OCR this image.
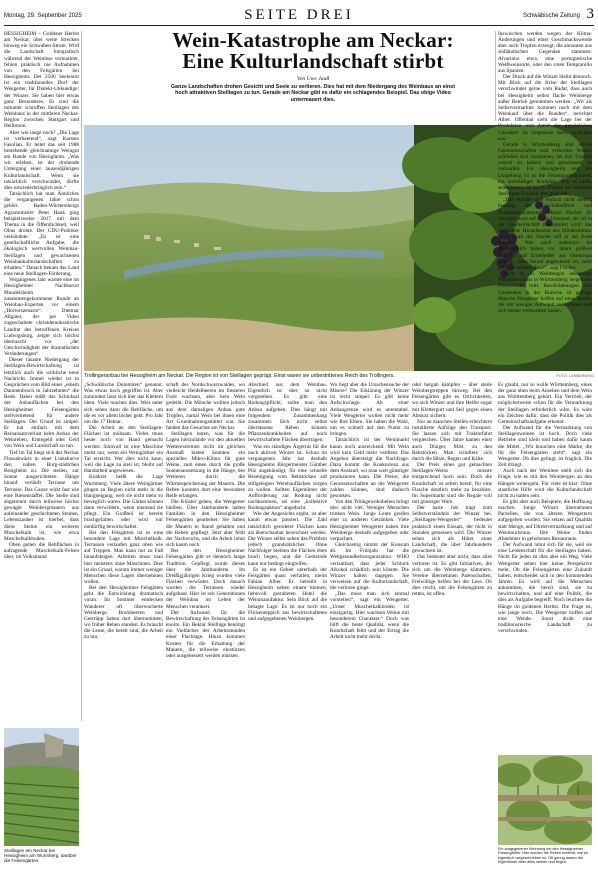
Montag, 29. September 2025	SEITE DREI	Schwäbische Zeitung 3
Wein-Katastrophe am Neckar: Eine Kulturlandschaft stirbt
Von Uwe Jauß
Ganze Landschaften drohen Gesicht und Seele zu verlieren. Dies hat mit dem Niedergang des Weinbaus an einst hoch attraktiven Steillagen zu tun. Gerade am Neckar gibt es dafür ein schlagendes Beispiel. Das obige Video untermauert dies.

HESSIGHEIM – Goldener Herbst am Neckar, über weite Strecken hinweg ein Schwaben-Strom. Wird die Landschaft fotografisch während der Weinlese vermarktet, fehlen praktisch nie Aufnahmen von den Felsgärten bei Hessigheim. Der 2500 Seelenort ist ein traditionelles Dorf der Wengerter, für Dialekt-Unkundige: der Winzer. Sie haben hier etwas ganz Besonderes. Es sind die mitunter schroffen Steillagen des Weinbaus in der mittleren Neckar-Region zwischen Stuttgart und Heilbronn.

Aber wie lange noch? „Die Lage ist verheerend“, sagt Karsten Fasolian. Er leitet das seit 1988 bestehende gleichnamige Weingut am Rande von Hessigheim. „Was wir erleben, ist der drohende Untergang einer tausendjährigen Kulturlandschaft. Wenn sie tatsächlich verschwindet, dürfte dies unwiederbringlich sein.“

Tatsächlich hat man Ähnliches die vergangenen Jahre schon gehört. Baden-Württembergs Agrarminister Peter Hauk ging beispielsweise 2017 mit dem Thema in die Öffentlichkeit, weil Obus drohte. Der CDU-Politiker verkündete: „Es ist eine gesellschaftliche Aufgabe, die ökologisch wertvollen Weinbau-Steillagen und gewachsenen Weinbaukulturlandschaften zu erhalten.“ Danach bekam das Land eine neue Steillagen-Förderung.

Vergangenes Jahr warnte eine im Hessigheimer Nachbarort Mundelsheim zusammengekommene Runde an Weinbau-Experten vor einem „Horrorszenario“. Dietmar Allgaier, der per Video zugeschaltete christdemokratische Landrat des betroffenen Kreises Ludwigsburg, zeigte sich höchst überrascht vor „der Geschwindigkeit der dramatischen Veränderungen“.

Dieser rasante Niedergang der Steillagen-Bewirtschaftung ist letztlich auch die wirkliche neue Nachricht. Immer wieder ist in Gesprächen vom Bild eines „einem Daumenbruch in Jahrzehnten“ die Rede. Dabei stößt das Schicksal der Anbauflächen bei den Hessigheimer Felsengärten stellvertretend für andere Steillagen. Der Grund ist simpel. Er hat einfach mit dem Reinansatzverlust beim Anbau der Weinreben, Erntegeld oder Geld von Wein und Landschaft zu tun.

Tief im Tal biegt sich der Neckar Flussabwärts in einer Linkskurve den nahen Burg-städtchen Besigheim zu. Die steilen, zur Sonne ausgerichteten Hänge hinauf verläuft Terrasse um Terrasse. Das Ganze wirkt fast wie eine Riesenstaffel. Die Stelle sind abgetrennt durch teilweise höchst gewagte Weinbergmauern aus aufeinander geschichteten Steinen. Lebenszauber ist hierbei, dass diese Steine ein weiteres Muschelkalk ist, wie etwa Muschelkalkboden.

Oben gehen die Rebflächen in aufragende Muschelkalk-Felsen über, im Volksmund

Trollingeranbau bei Hessigheim am Neckar. Die Region ist von Steillagen geprägt. Einst waren sie unbestrittenes Reich des Trollingers.	FOTO: LENNERDING

„Schwäbische Dolomiten“ genannt. Was etwas hoch gegriffen ist. Aber zumindest lässt sich hier das Klettern üben. Viele machen dies. Weit unter sich sehen dann die Rebfläche, um die es vor allem bisher geht. Pro Jahr um die 17 Hektar.

Die Arbeit an den Steillagen-Flächen ist mühsam. Vieles muss heute noch von Hand gemacht werden. Sinnvoll ist eine Maschine meist nur, wenn ein Weingärtner ein Tal erreicht. Wer dies nicht kann, weil die Lage zu steil ist, bleibt auf Handarbeit angewiesen.

Konkret heißt die Lage Wurmberg. Viele ältere Weingärtner gingen zu Beginn nicht mehr in die Hangneigung, weil sie nicht mehr so beweglich waren. Die Gärten können dann verwildern, wenn niemand sie pflegt. Ein Großteil ist bereits brachgefallen oder wird nur notdürftig bewirtschaftet.

Bei den Felsgärten ist es eine besondere Lage mit Muschelkalk. Terrassen verlaufen ganz oben wie auf Treppen. Man kann nur zu Fuß hinaufsteigen. Arbeiten muss man hier meistens ohne Maschinen. Dies ist ein Grund, warum immer weniger Menschen diese Lagen übernehmen wollen.

Bei den Hessigheimer Felsgärten geht die Entwicklung dramatisch voran. Im Sommer entdecken Wanderer oft überwucherte Weinberge. Brombeeren und Gestrüpp haben dort übernommen, wo früher Reben standen. Es braucht die Leute, die bereit sind, die Arbeit zu tun.

schaft des Nordschwarzwaldes, wo vielleicht Heidelbeeren im finsteren Forst wachsen, aber kein Wein gedeiht. Die Mönche wollten jedoch aus dem damaligen Anbau gute Tropfen, zumal Wein bei ihnen eine Art Grundnahrungsmittel war. Sie fanden das Gesuchte am Neckar.

Steillagen boten, was für die Lagen hierzulande vor den aktuellen Wetterextremen nicht im gleichen Ausmaß bieten konnten: ein spezielles Mikro-Klima für gute Weine, zum einen durch die große Sonnenaussetzung in die Hänge, des Weiteren durch die Wärmespeicherung der Mauern. Die Reben konnten dort eine besondere Reife erlangen.

Die Klöster gehen, die Wengerter bleiben. Über Jahrhunderte haben Familien in den Hessigheimer Felsengärten gearbeitet. Sie haben die Mauern in Stand gehalten und die Reben gepflegt. Jetzt aber fehlt der Nachwuchs, und die Arbeit lohnt sich kaum noch.

Bei den Hessigheimer Felsengärten gibt es dennoch lange Tradition. Gepflegt wurde dieses über die Jahrhunderte. Im Dreißigjährigen Krieg wurden viele Flächen verwüstet. Doch danach wurden die Terrassen wieder aufgebaut. Hier ist seit Generationen der Weinbau im Leben der Menschen verankert.

Der Aufwand für die Bewirtschaftung der Felsengärten ist enorm. Ein Hektar Steillage benötigt ein Vielfaches der Arbeitsstunden einer Flachlage. Hinzu kommen Kosten für die Erhaltung der Mauern, die teilweise einstürzen oder ausgebessert werden müssen.

Abschied aus dem Weinbau. Eigentlich ist dies so nicht vorgesehen. Es gibt eine Rodungspflicht, sollte man den Anbau aufgeben. Dies hängt mit folgendem Zusammenhang zusammen: Sich nicht selbst überlassene Reben können Pflanzenkrankheiten auf noch bewirtschaftete Flächen übertragen.

Was ein ständiges Ärgernis für die noch aktiven Winzer ist. Schon im vergangenen Jahr hat deshalb Hessigheims Bürgermeister Günther Pilz angekündigt, für eine schnelle Beseitigung vom Rebstöcken auf stillgelegten Weinbauflächen sorgen zu wollen. Sollten Eigentümer der Aufforderung zur Rodung nicht nachkommen, sei eine „kollektive Rodungsaktion“ angedacht.

Wie der Angesichts ergibt, ist aber kaum etwas passiert. Die Zahl tatsächlich gerodeter Flächen kann als überschaubar bezeichnet werden. Die Winzer selbst sehen das Problem jedoch grundsätzlicher. Ohne Nachfolger bleiben die Flächen eben brach liegen, und die Gemeinde kann nur bedingt eingreifen.

Es ist ein Gebiet unterhalb der Felsgärten quasi verfallen, meint Fabian Alber. Er betreibt in Hessigheim neben einem kleinen, liebevoll gestalteten Hotel die Weinmanufaktur. Sein Blick auf die besagte Lage: Es ist nur noch ein Flickenteppich aus bewirtschafteten und aufgegebenen Weinbergen.

Wo liegt aber die Ursachensuche der Misere? Die Erklärung der Winzer ist recht simpel: Es gibt keine Aufschwünge. Ab einer Anbaugrenze wird es unrentabel. Viele Wengerter wollen nicht mehr wie Ihre Eltern. Sie haben die Wahl, um es schnell auf den Punkt zu bringen.

Tatsächlich ist der Weinmarkt kaum noch ausreichend. Mit Wein wird kein Geld mehr verdient. Das Angebot übersteigt die Nachfrage. Dazu kommt die Konkurrenz aus dem Ausland, wo man weit günstiger produzieren kann. Die Preise, die Genossenschaften an die Wengerter zahlen können, sind dadurch gesunken.

Von den Trinkgewohnheiten bringt dies nicht viel. Weniger Menschen trinken Wein. Junge Leute greifen eher zu anderen Getränken. Viele Hessigheimer Wengerter haben ihre Weinberge deshalb aufgegeben oder verpachtet.

Gleichzeitig nimmt der Konsum ab. Im Frühjahr hat die Weltgesundheitsorganisation WHO verlautbart, dass jeder Schluck Alkohol schädlich sein könnte. Die Winzer halten dagegen. Sie verweisen auf die Kulturlandschaft, die verloren ginge.

„Das muss man sich einmal vorstellen“, sagt ein Wengerter. „Unser Muschelkalkboden ist einzigartig. Hier wachsen Weine mit besonderem Charakter.“ Doch was hilft die beste Qualität, wenn die Kundschaft fehlt und der Ertrag die Arbeit nicht mehr deckt.

oder bergab kämpfen – über steile Weinbergtreppen hinweg. Bei den Felsengärten gibt es Ortlichkeiten, wo sich Winzer und ihre Helfer sogar mit Klettergurt und Seil gegen einen Absturz sichern.

Nur an manchen Stellen erleichtern installierte Aufzüge den Transport. Sie lassen sich mit Traktorfahrt vergleichen. Über Jahre kamen einst auch Dünger, Mist, zu den Rebstöcken. Man schuftete sich durch die Hitze, Regen und Kälte.

Der Preis eines gut gemachten Steillagen-Weins müsste entsprechend hoch sein. Doch die Kundschaft ist selten bereit, für eine Flasche deutlich mehr zu bezahlen. Im Supermarkt sind die Regale voll mit günstiger Ware.

Der harte Job trägt zum Selbstverständnis der Winzer bei. „Steillagen-Wengerter“ bedeutet praktisch einen Einsatz, der nicht in Stunden gemessen wird. Die Winzer sehen sich als Hüter einer Landschaft, die über Jahrhunderte gewachsen ist.

Das bedeutet aber nicht, dass alles verloren ist. Es gibt Initiativen, die sich um die Weinberge kümmern. Vereine übernehmen Patenschaften, Freiwillige helfen bei der Lese. Ob dies reicht, um die Felsengärten zu retten, ist offen.

Inzwischen werden wegen der Klima-Änderungen und einer Geschmackswende aber auch Tropfen erzeugt, die annonten aus südländischen Gegenden stammen: Alvarinho etwa, eine portugiesische Weißweinsorte, oder den roten Tempranillo aus Spanien.

Der Druck auf die Winzer bleibt dennoch. Mit Blick auf die Krise der Steillagen verschwindet gerne vom Radar, dass auch bei Hessigheim selbst flache Weinberge außer Betrieb genommen werden. „Wir als Selbstvermarkter kommen noch mit dem Weinkauf über die Runden“, berichtet Alber. Offenbar sieht die Lage bei der Produktion und damit der persönlichen Charakter im Gegensatz dazu schlechter aus.

Gerade in Württemberg sind solche Genossenschaften weit verbreitet. Winzer schließen sich zusammen, um ihre Trauben zentral zu keltern und gemeinsam zu verkaufen. Für Hessigheim und die Umgebung ist es die Felsengartenkellerei, ein weitläufiger Komplex. Wie es heißt, seien zuletzt 80 bis 85 Prozent der örtlichen Steillagen-Trauben dort gelandet.

„Das rechnet sich einfach nicht mehr“, bestätigt der Geschäftsführer und Vorstandsvorsitzende Martin Fischer. Er verweist noch auf einen Umstand, der oft in der Landwirtschaft thematisiert wird: das mehrfache Heraufsetzen des Mindestlohns. 14,60 Euro die Stunde soll er am Ende betragen. Wie auch anderswo im Agrarbereich haben vor allem größere Betriebe auf Erntehelfer aus Osteuropa gesetzt. „Wer darauf angewiesen ist, zahlt jetzt ein Schluss drauf“, sagt Fischer.

Auch ist in Weinbergen anständige Weinüberschuss in Württemberg wegen des Preisverfalls trotz Beschränkungen. Ein Umdenken in der Branche ist gefragt. Manche Wengerter hoffen auf neue Sorten, die mit weniger Aufwand auskommen und sich besser vermarkten lassen.

Es glaubt, nur so wolle Württemberg, eines der ganz oben beim Ansehen und dem Wein aus Württemberg gehört. Ein Vertrieb, der möglicherweise schon für die Vermarktung der Steillagen erforderlich wäre. Es wäre ein Zeichen dafür, dass die Politik dies als Gemeinschaftsaufgabe erkennt.

Der Aufwand für die Vermarktung von Steillagenweinen ist hoch. Doch viele Betriebe sind klein und haben dafür kaum die Mittel. „Wir brauchen eine Marke, die für die Felsengärten steht“, sagt ein Wengerter. Ob dies gelingt, ist fraglich. Die Zeit drängt.

Auch nach der Weinlese stellt sich die Frage, wie es mit den Weinbergen an den Hängen weitergeht. Für viele ist klar: Ohne staatliche Hilfe wird die Kulturlandschaft nicht zu halten sein.

Es gibt aber auch Beispiele, die Hoffnung machen. Junge Winzer übernehmen Parzellen, die von älteren Wengertern aufgegeben wurden. Sie setzen auf Qualität statt Menge, auf Direktvermarktung und auf Weintourismus. Ihre Weine finden Abnehmer in gehobenen Restaurants.

Der Aufwand lohnt sich für sie, weil sie eine Leidenschaft für die Steillagen haben. Nicht für jeden ist dies aber ein Weg. Viele Wengerter sehen hier keine Perspektive mehr. Ob die Felsengärten eine Zukunft haben, entscheidet sich in den kommenden Jahren. Es wird auf die Menschen ankommen, die bereit sind, sie zu bewirtschaften, und auf eine Politik, die dies als Aufgabe begreift. Noch leuchten die Hänge im goldenen Herbst. Die Frage ist, wie lange noch. Die Wengerter hoffen auf eine Wende. Sonst droht eine traditionsreiche Landschaft zu verschwinden.

Steillagen am Neckar bei Hessigheim am Wurmberg, darüber die Felsengärten.
Ein aufgegebener Weinberg bei den Hessigheimer Felsengärten: Hier wurden die Reben entfernt, wie es eigentlich vorgeschrieben ist. Oft genug lassen die Eigentümer aber alles stehen und liegen.
